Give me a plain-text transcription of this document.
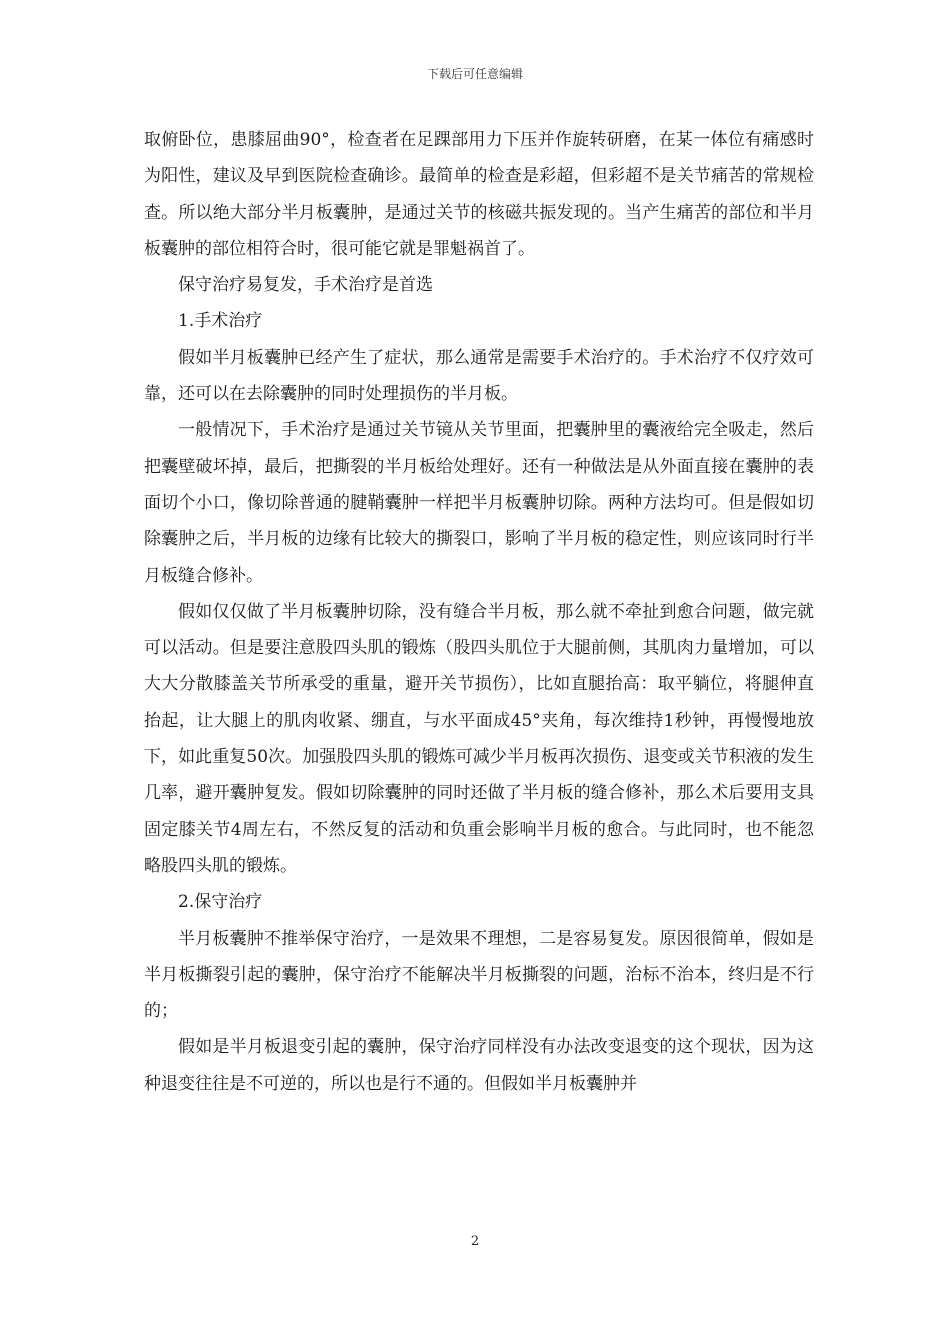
下载后可任意编辑

取俯卧位，患膝屈曲90°，检查者在足踝部用力下压并作旋转研磨，在某一体位有痛感时为阳性，建议及早到医院检查确诊。最简单的检查是彩超，但彩超不是关节痛苦的常规检查。所以绝大部分半月板囊肿，是通过关节的核磁共振发现的。当产生痛苦的部位和半月板囊肿的部位相符合时，很可能它就是罪魁祸首了。

保守治疗易复发，手术治疗是首选

1.手术治疗

假如半月板囊肿已经产生了症状，那么通常是需要手术治疗的。手术治疗不仅疗效可靠，还可以在去除囊肿的同时处理损伤的半月板。

一般情况下，手术治疗是通过关节镜从关节里面，把囊肿里的囊液给完全吸走，然后把囊壁破坏掉，最后，把撕裂的半月板给处理好。还有一种做法是从外面直接在囊肿的表面切个小口，像切除普通的腱鞘囊肿一样把半月板囊肿切除。两种方法均可。但是假如切除囊肿之后，半月板的边缘有比较大的撕裂口，影响了半月板的稳定性，则应该同时行半月板缝合修补。

假如仅仅做了半月板囊肿切除，没有缝合半月板，那么就不牵扯到愈合问题，做完就可以活动。但是要注意股四头肌的锻炼（股四头肌位于大腿前侧，其肌肉力量增加，可以大大分散膝盖关节所承受的重量，避开关节损伤），比如直腿抬高：取平躺位，将腿伸直抬起，让大腿上的肌肉收紧、绷直，与水平面成45°夹角，每次维持1秒钟，再慢慢地放下，如此重复50次。加强股四头肌的锻炼可减少半月板再次损伤、退变或关节积液的发生几率，避开囊肿复发。假如切除囊肿的同时还做了半月板的缝合修补，那么术后要用支具固定膝关节4周左右，不然反复的活动和负重会影响半月板的愈合。与此同时，也不能忽略股四头肌的锻炼。

2.保守治疗

半月板囊肿不推举保守治疗，一是效果不理想，二是容易复发。原因很简单，假如是半月板撕裂引起的囊肿，保守治疗不能解决半月板撕裂的问题，治标不治本，终归是不行的；

假如是半月板退变引起的囊肿，保守治疗同样没有办法改变退变的这个现状，因为这种退变往往是不可逆的，所以也是行不通的。但假如半月板囊肿并

2
